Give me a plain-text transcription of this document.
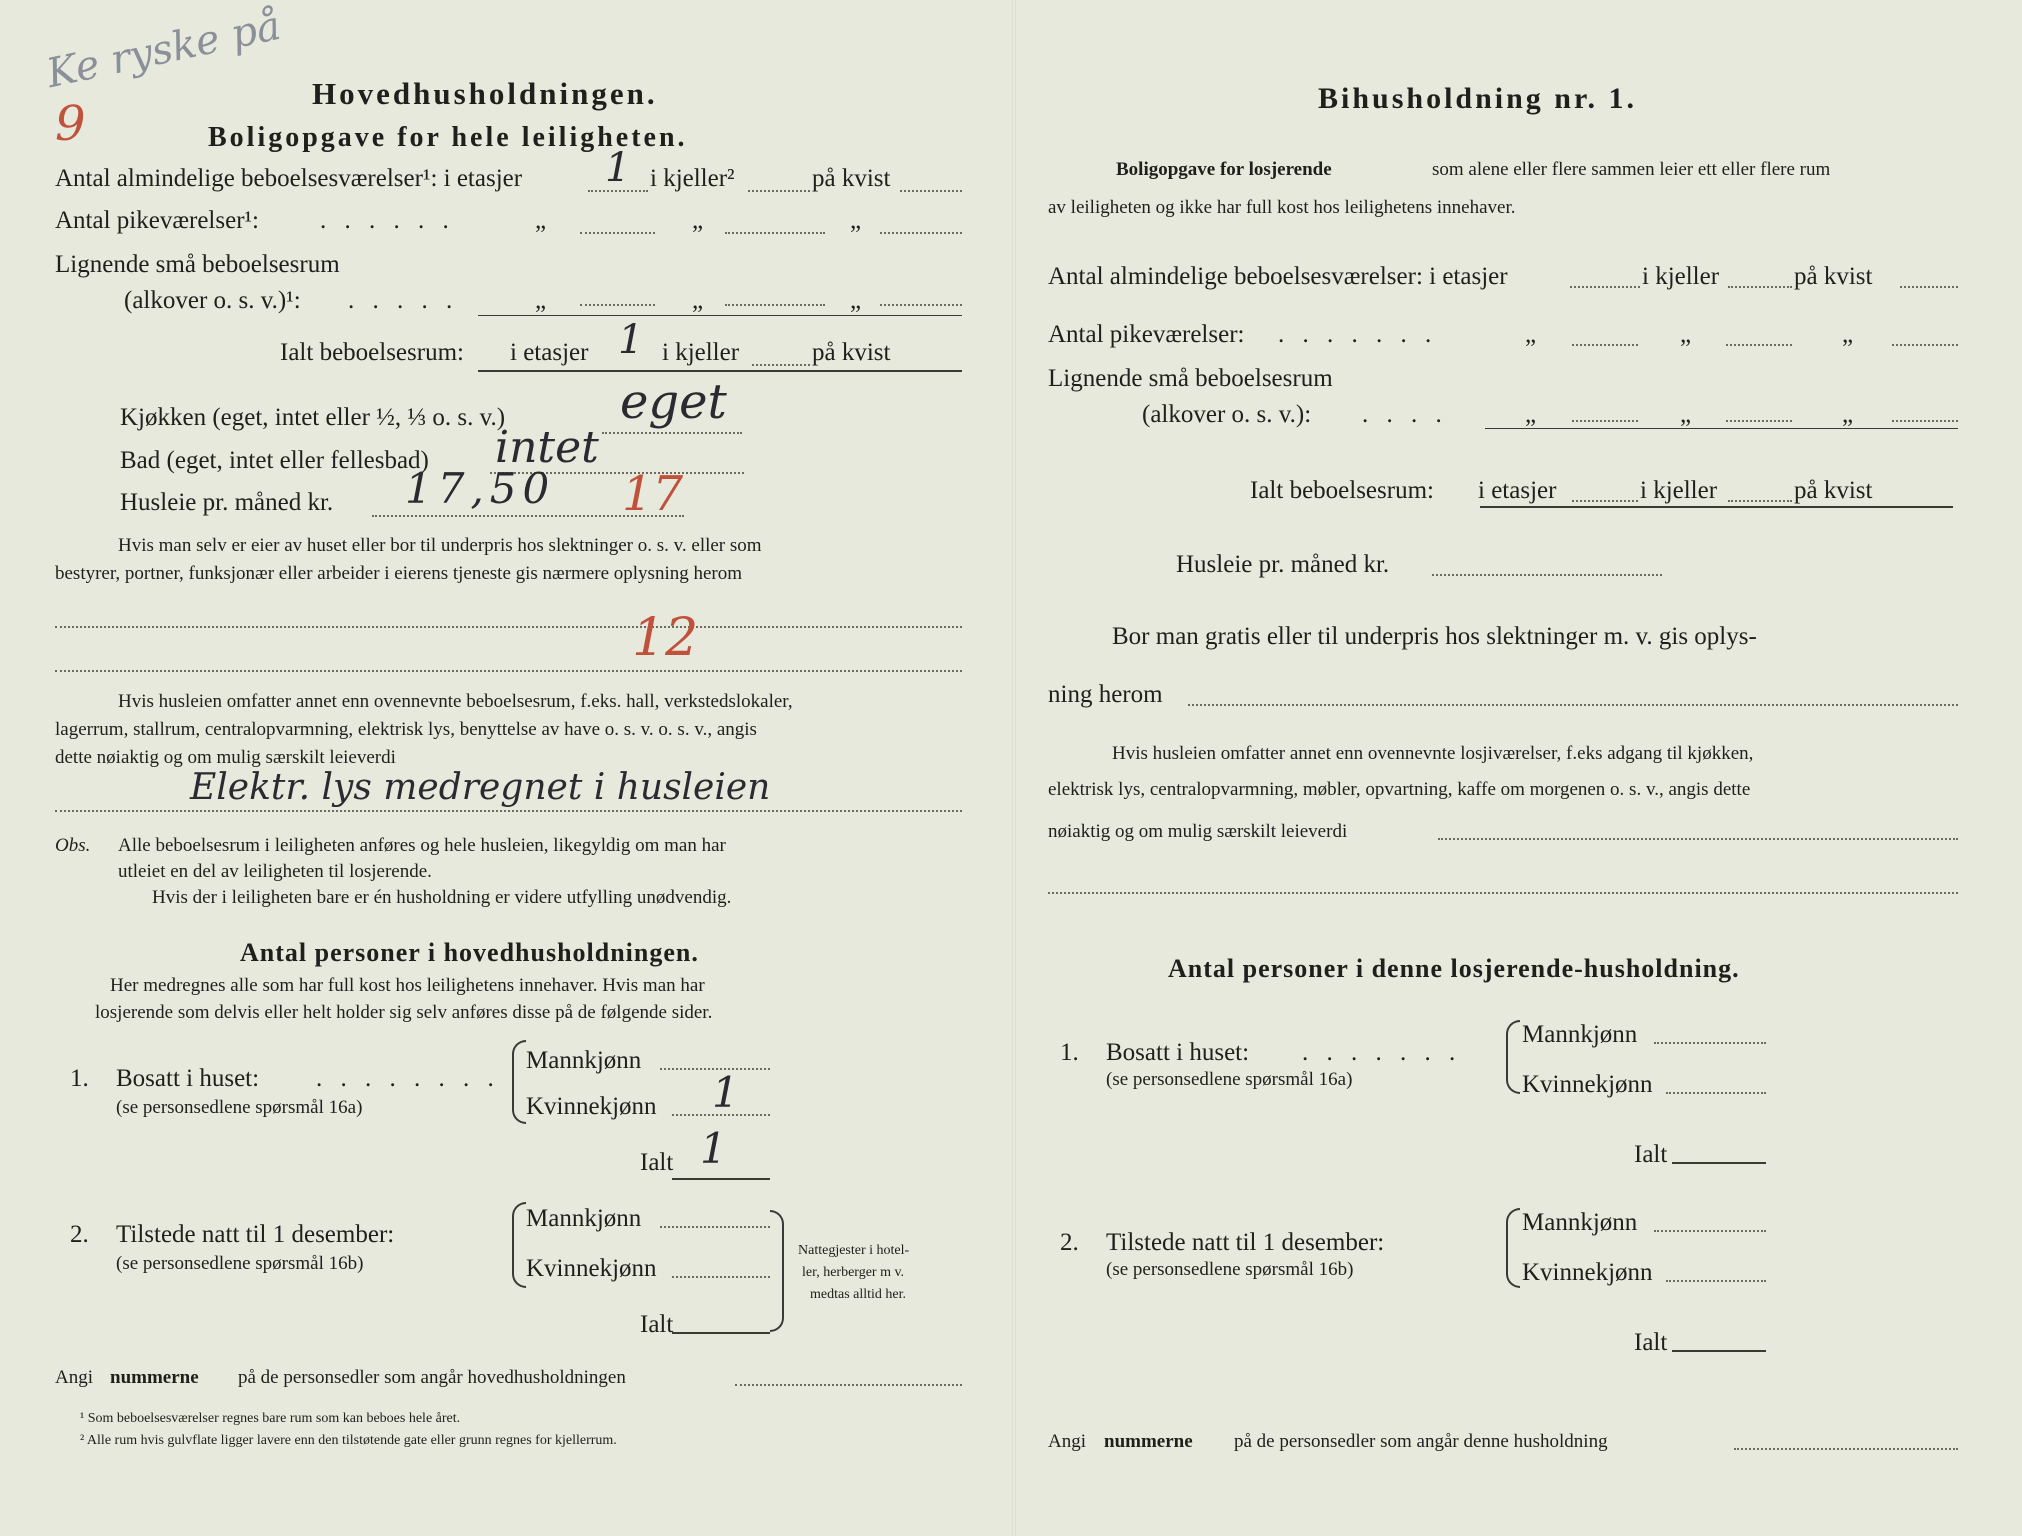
Ke ryske på
9
Hovedhusholdningen.
Boligopgave for hele leiligheten.
Antal almindelige beboelsesværelser¹: i etasjer 1 i kjeller²	på kvist
Antal pikeværelser¹: . . . . . .	„	„	„
Lignende små beboelsesrum
(alkover o. s. v.)¹: . . . . .	„	„	„
Ialt beboelsesrum: i etasjer 1 i kjeller	på kvist
Kjøkken (eget, intet eller ½, ⅓ o. s. v.) eget
Bad (eget, intet eller fellesbad) intet
Husleie pr. måned kr. 17,50 17
Hvis man selv er eier av huset eller bor til underpris hos slektninger o. s. v. eller som
bestyrer, portner, funksjonær eller arbeider i eierens tjeneste gis nærmere oplysning herom
12
Hvis husleien omfatter annet enn ovennevnte beboelsesrum, f.eks. hall, verkstedslokaler,
lagerrum, stallrum, centralopvarmning, elektrisk lys, benyttelse av have o. s. v. o. s. v., angis
dette nøiaktig og om mulig særskilt leieverdi
Elektr. lys medregnet i husleien
Obs. Alle beboelsesrum i leiligheten anføres og hele husleien, likegyldig om man har
utleiet en del av leiligheten til losjerende.
Hvis der i leiligheten bare er én husholdning er videre utfylling unødvendig.
Antal personer i hovedhusholdningen.
Her medregnes alle som har full kost hos leilighetens innehaver. Hvis man har
losjerende som delvis eller helt holder sig selv anføres disse på de følgende sider.
1. Bosatt i huset: . . . . . . . .
(se personsedlene spørsmål 16a)
Mannkjønn
Kvinnekjønn 1
Ialt 1
2. Tilstede natt til 1 desember:
(se personsedlene spørsmål 16b)
Mannkjønn
Kvinnekjønn
Ialt
Nattegjester i hotel-
ler, herberger m v.
medtas alltid her.
Angi nummerne på de personsedler som angår hovedhusholdningen
¹ Som beboelsesværelser regnes bare rum som kan beboes hele året.
² Alle rum hvis gulvflate ligger lavere enn den tilstøtende gate eller grunn regnes for kjellerrum.
Bihusholdning nr. 1.
Boligopgave for losjerende	som alene eller flere sammen leier ett eller flere rum
av leiligheten og ikke har full kost hos leilighetens innehaver.
Antal almindelige beboelsesværelser: i etasjer	i kjeller	på kvist
Antal pikeværelser: . . . . . . .	„	„	„
Lignende små beboelsesrum
(alkover o. s. v.): . . . .	„	„	„
Ialt beboelsesrum: i etasjer	i kjeller	på kvist
Husleie pr. måned kr.
Bor man gratis eller til underpris hos slektninger m. v. gis oplys-
ning herom
Hvis husleien omfatter annet enn ovennevnte losjiværelser, f.eks adgang til kjøkken,
elektrisk lys, centralopvarmning, møbler, opvartning, kaffe om morgenen o. s. v., angis dette
nøiaktig og om mulig særskilt leieverdi
Antal personer i denne losjerende-husholdning.
1. Bosatt i huset: . . . . . . .
(se personsedlene spørsmål 16a)
Mannkjønn
Kvinnekjønn
Ialt
2. Tilstede natt til 1 desember:
(se personsedlene spørsmål 16b)
Mannkjønn
Kvinnekjønn
Ialt
Angi nummerne på de personsedler som angår denne husholdning
